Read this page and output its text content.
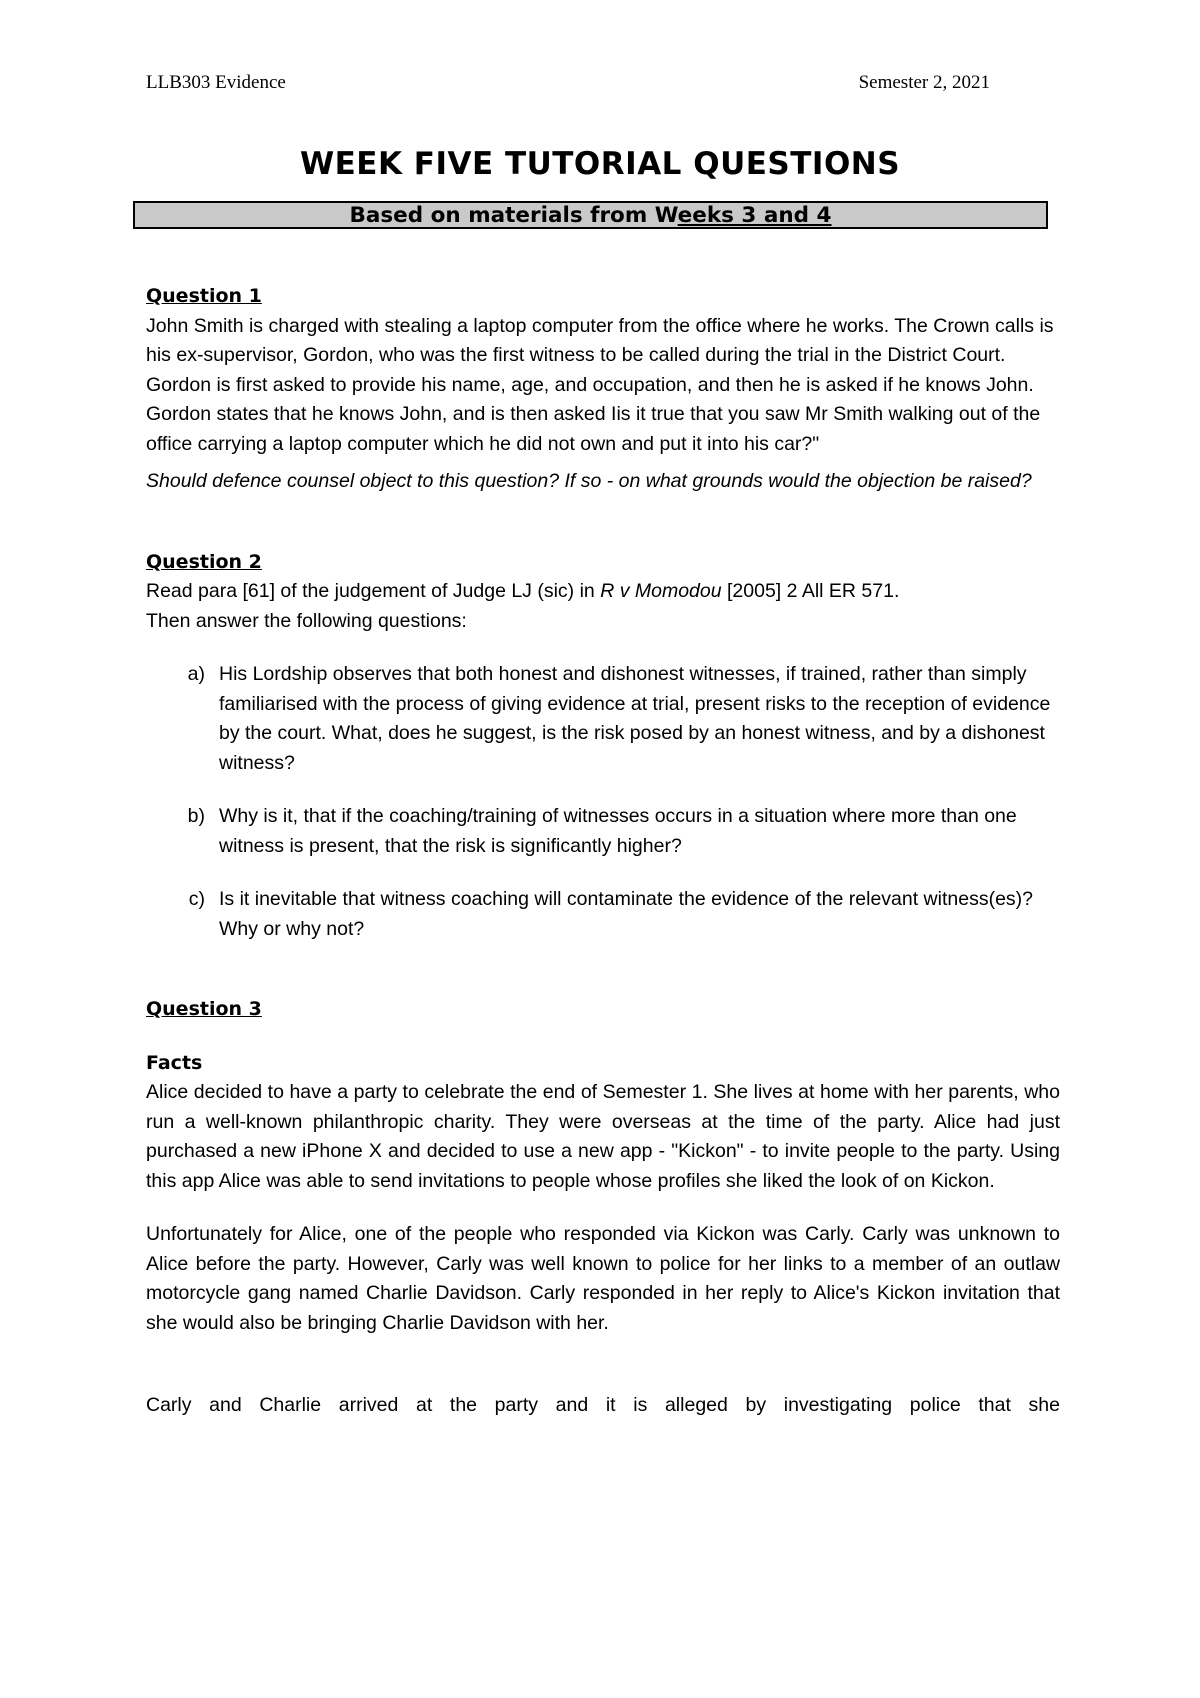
LLB303 Evidence	Semester 2, 2021
WEEK FIVE TUTORIAL QUESTIONS
Based on materials from Weeks 3 and 4

Question 1

John Smith is charged with stealing a laptop computer from the office where he works. The Crown calls is his ex-supervisor, Gordon, who was the first witness to be called during the trial in the District Court. Gordon is first asked to provide his name, age, and occupation, and then he is asked if he knows John. Gordon states that he knows John, and is then asked Iis it true that you saw Mr Smith walking out of the office carrying a laptop computer which he did not own and put it into his car?"

Should defence counsel object to this question? If so - on what grounds would the objection be raised?

Question 2

Read para [61] of the judgement of Judge LJ (sic) in R v Momodou [2005] 2 All ER 571.

Then answer the following questions:

a) His Lordship observes that both honest and dishonest witnesses, if trained, rather than simply familiarised with the process of giving evidence at trial, present risks to the reception of evidence by the court. What, does he suggest, is the risk posed by an honest witness, and by a dishonest witness?
b) Why is it, that if the coaching/training of witnesses occurs in a situation where more than one witness is present, that the risk is significantly higher?
c) Is it inevitable that witness coaching will contaminate the evidence of the relevant witness(es)? Why or why not?

Question 3

Facts

Alice decided to have a party to celebrate the end of Semester 1. She lives at home with her parents, who run a well-known philanthropic charity. They were overseas at the time of the party. Alice had just purchased a new iPhone X and decided to use a new app - "Kickon" - to invite people to the party. Using this app Alice was able to send invitations to people whose profiles she liked the look of on Kickon.

Unfortunately for Alice, one of the people who responded via Kickon was Carly. Carly was unknown to Alice before the party. However, Carly was well known to police for her links to a member of an outlaw motorcycle gang named Charlie Davidson. Carly responded in her reply to Alice's Kickon invitation that she would also be bringing Charlie Davidson with her.

Carly and Charlie arrived at the party and it is alleged by investigating police that she
